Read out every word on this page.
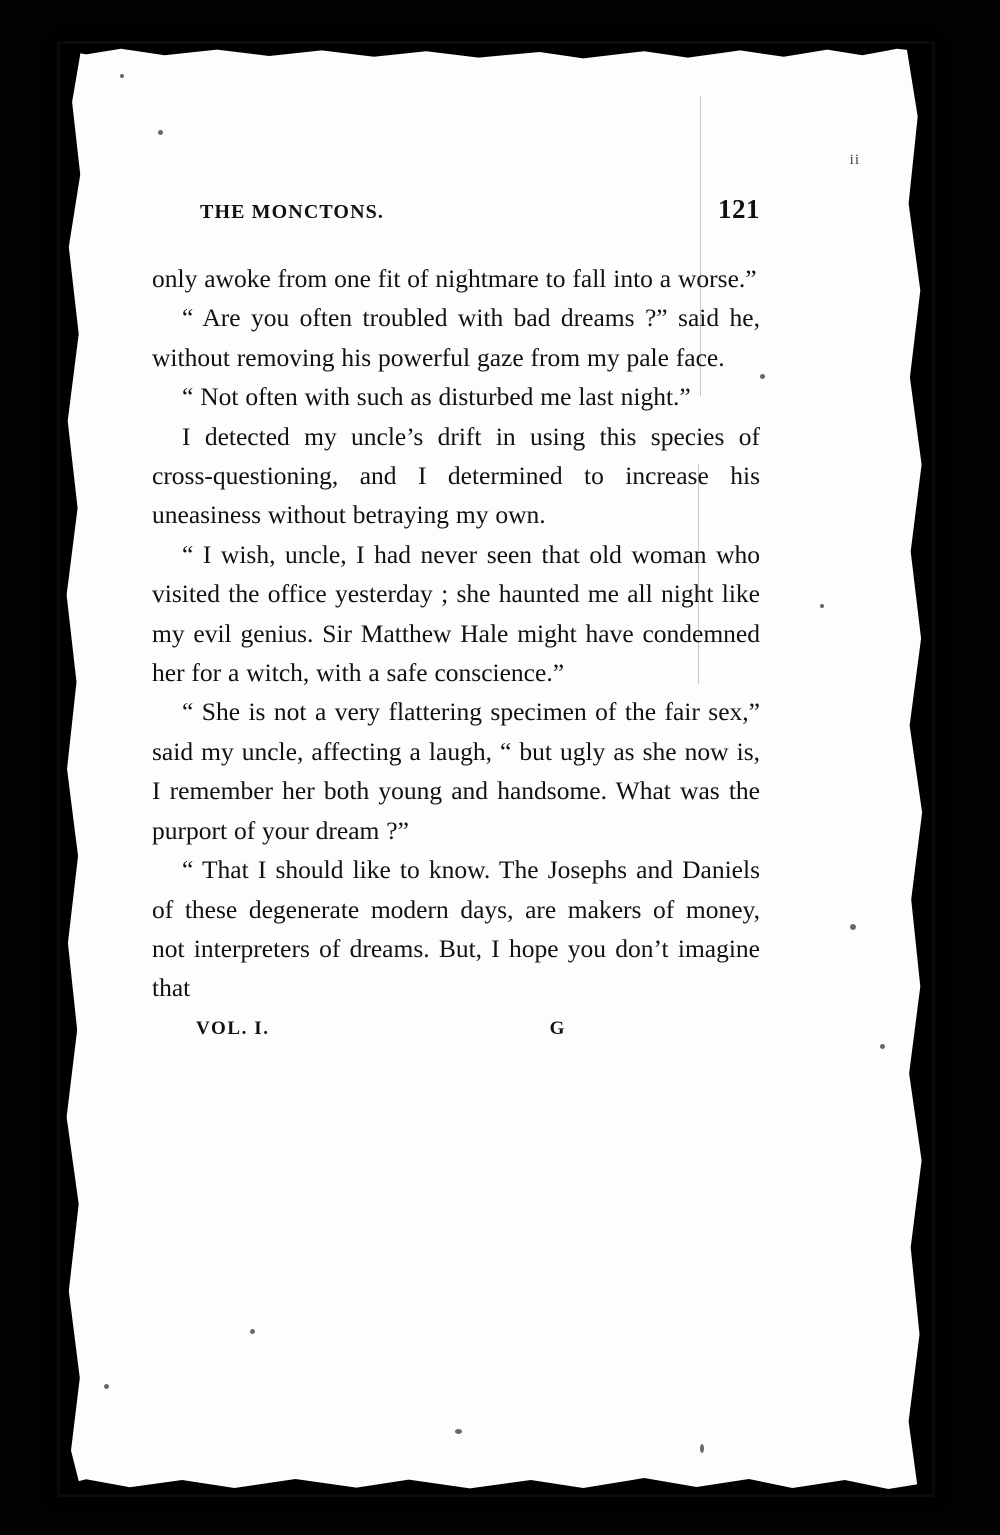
ii
THE MONCTONS.	121

only awoke from one fit of nightmare to fall into a worse.”

“ Are you often troubled with bad dreams ?” said he, without removing his powerful gaze from my pale face.

“ Not often with such as disturbed me last night.”

I detected my uncle’s drift in using this species of cross-questioning, and I determined to increase his uneasiness without betraying my own.

“ I wish, uncle, I had never seen that old woman who visited the office yesterday ; she haunted me all night like my evil genius. Sir Matthew Hale might have condemned her for a witch, with a safe conscience.”

“ She is not a very flattering specimen of the fair sex,” said my uncle, affecting a laugh, “ but ugly as she now is, I remember her both young and handsome. What was the purport of your dream ?”

“ That I should like to know. The Josephs and Daniels of these degenerate modern days, are makers of money, not interpreters of dreams. But, I hope you don’t imagine that

VOL. I.	G
